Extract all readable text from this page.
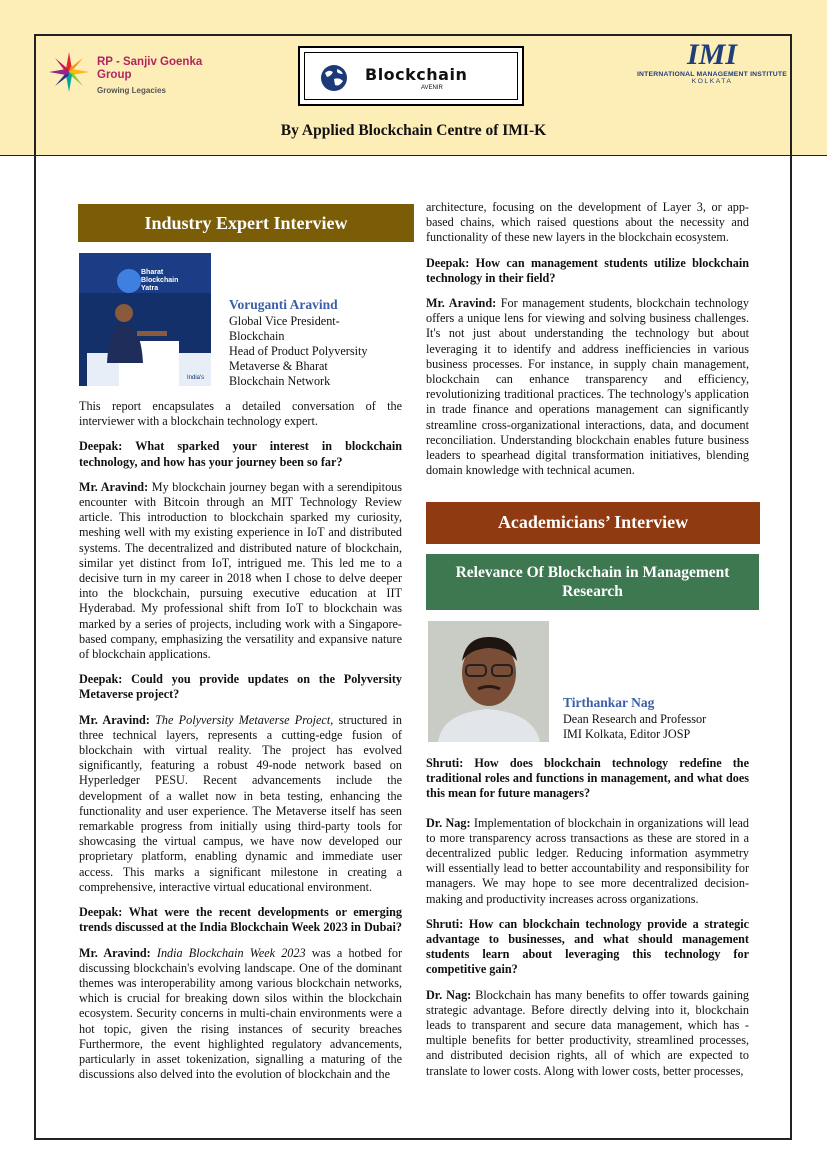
RP - Sanjiv Goenka
Group
Growing Legacies
Blockchain
AVENIR
IMI
INTERNATIONAL MANAGEMENT INSTITUTE
KOLKATA
By Applied Blockchain Centre of IMI-K
Industry Expert Interview
Bharat
Blockchain
Yatra
India's
Voruganti Aravind
Global Vice President-
Blockchain
Head of Product Polyversity
Metaverse & Bharat
Blockchain Network

This report encapsulates a detailed conversation of the interviewer with a blockchain technology expert.

Deepak: What sparked your interest in blockchain technology, and how has your journey been so far?

Mr. Aravind: My blockchain journey began with a serendipitous encounter with Bitcoin through an MIT Technology Review article. This introduction to blockchain sparked my curiosity, meshing well with my existing experience in IoT and distributed systems. The decentralized and distributed nature of blockchain, similar yet distinct from IoT, intrigued me. This led me to a decisive turn in my career in 2018 when I chose to delve deeper into the blockchain, pursuing executive education at IIT Hyderabad. My professional shift from IoT to blockchain was marked by a series of projects, including work with a Singapore-based company, emphasizing the versatility and expansive nature of blockchain applications.

Deepak: Could you provide updates on the Polyversity Metaverse project?

Mr. Aravind: The Polyversity Metaverse Project, structured in three technical layers, represents a cutting-edge fusion of blockchain with virtual reality. The project has evolved significantly, featuring a robust 49-node network based on Hyperledger PESU. Recent advancements include the development of a wallet now in beta testing, enhancing the functionality and user experience. The Metaverse itself has seen remarkable progress from initially using third-party tools for showcasing the virtual campus, we have now developed our proprietary platform, enabling dynamic and immediate user access. This marks a significant milestone in creating a comprehensive, interactive virtual educational environment.

Deepak: What were the recent developments or emerging trends discussed at the India Blockchain Week 2023 in Dubai?

Mr. Aravind: India Blockchain Week 2023 was a hotbed for discussing blockchain's evolving landscape. One of the dominant themes was interoperability among various blockchain networks, which is crucial for breaking down silos within the blockchain ecosystem. Security concerns in multi-chain environments were a hot topic, given the rising instances of security breaches Furthermore, the event highlighted regulatory advancements, particularly in asset tokenization, signalling a maturing of the discussions also delved into the evolution of blockchain and the

architecture, focusing on the development of Layer 3, or app-based chains, which raised questions about the necessity and functionality of these new layers in the blockchain ecosystem.

Deepak: How can management students utilize blockchain technology in their field?

Mr. Aravind: For management students, blockchain technology offers a unique lens for viewing and solving business challenges. It's not just about understanding the technology but about leveraging it to identify and address inefficiencies in various business processes. For instance, in supply chain management, blockchain can enhance transparency and efficiency, revolutionizing traditional practices. The technology's application in trade finance and operations management can significantly streamline cross-organizational interactions, data, and document reconciliation. Understanding blockchain enables future business leaders to spearhead digital transformation initiatives, blending domain knowledge with technical acumen.

Academicians’ Interview
Relevance Of Blockchain in Management Research
Tirthankar Nag
Dean Research and Professor
IMI Kolkata, Editor JOSP

Shruti: How does blockchain technology redefine the traditional roles and functions in management, and what does this mean for future managers?

Dr. Nag: Implementation of blockchain in organizations will lead to more transparency across transactions as these are stored in a decentralized public ledger. Reducing information asymmetry will essentially lead to better accountability and responsibility for managers. We may hope to see more decentralized decision-making and productivity increases across organizations.

Shruti: How can blockchain technology provide a strategic advantage to businesses, and what should management students learn about leveraging this technology for competitive gain?

Dr. Nag: Blockchain has many benefits to offer towards gaining strategic advantage. Before directly delving into it, blockchain leads to transparent and secure data management, which has -multiple benefits for better productivity, streamlined processes, and distributed decision rights, all of which are expected to translate to lower costs. Along with lower costs, better processes,
